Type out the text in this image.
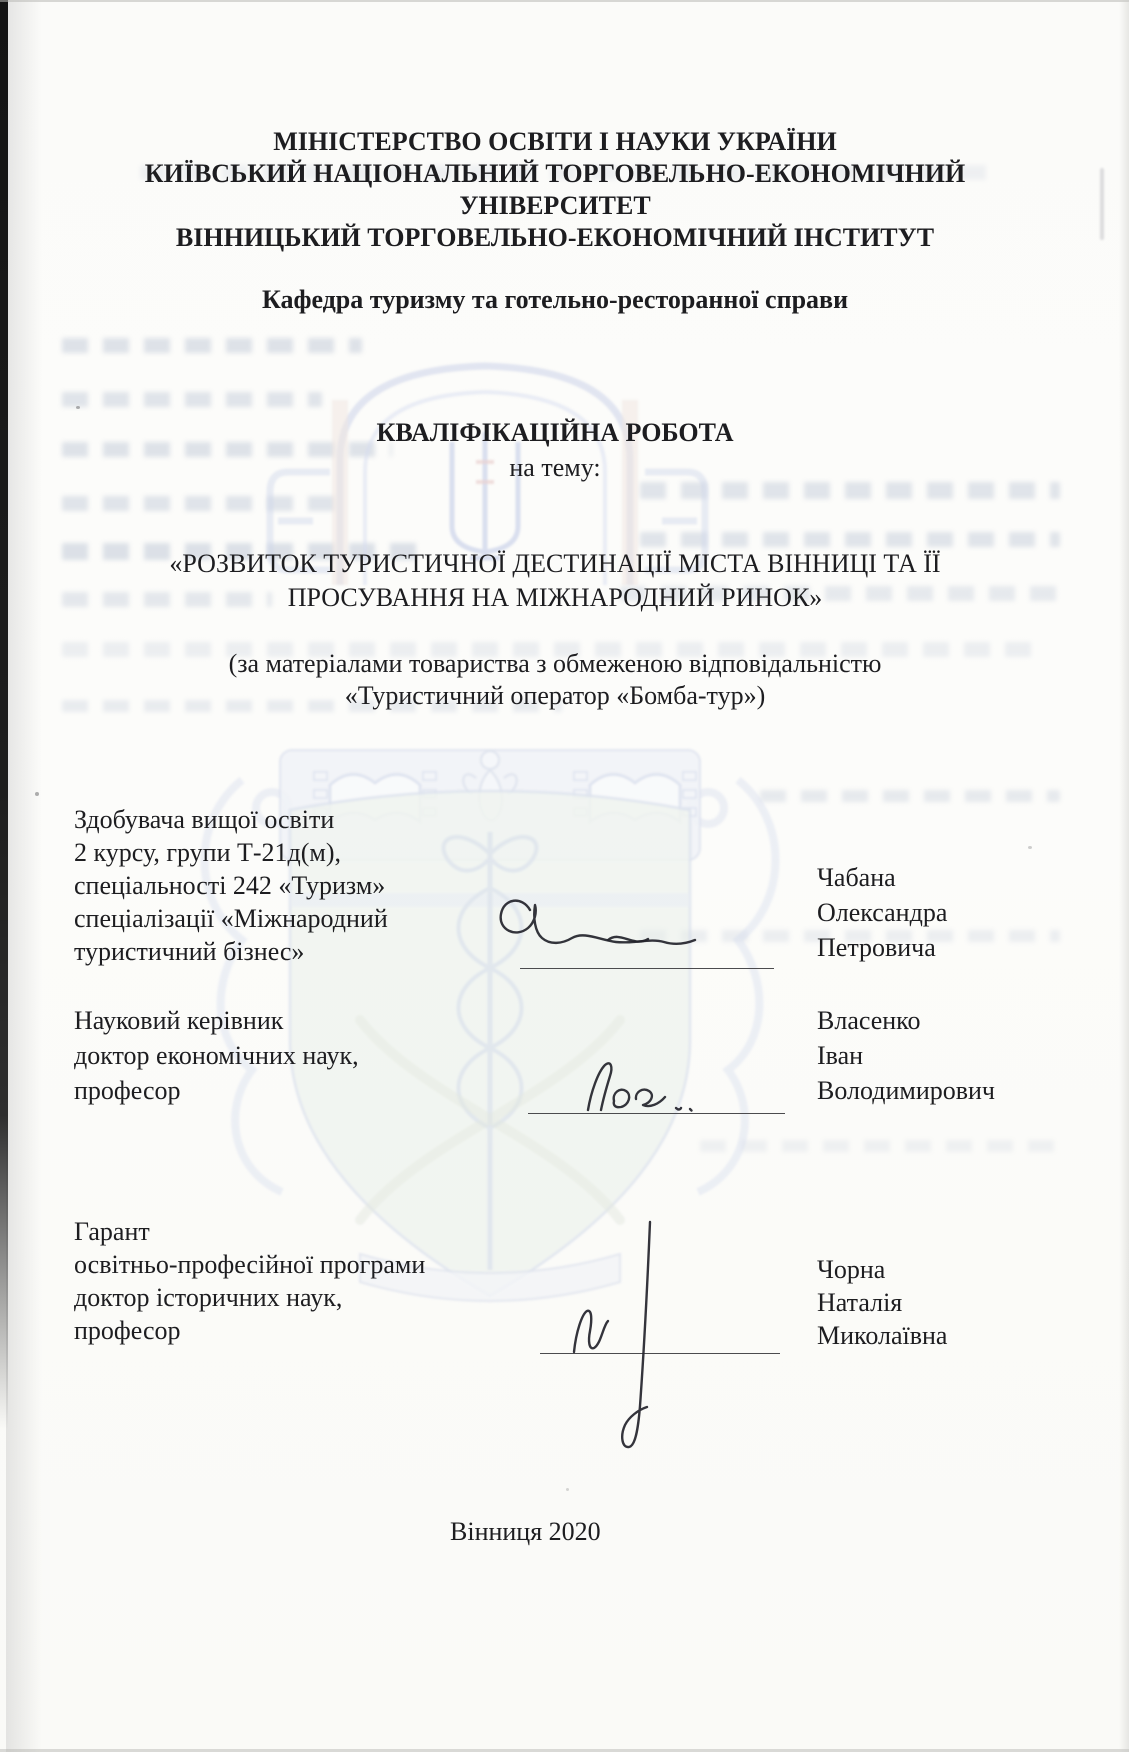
МІНІСТЕРСТВО ОСВІТИ І НАУКИ УКРАЇНИ
КИЇВСЬКИЙ НАЦІОНАЛЬНИЙ ТОРГОВЕЛЬНО-ЕКОНОМІЧНИЙ
УНІВЕРСИТЕТ
ВІННИЦЬКИЙ ТОРГОВЕЛЬНО-ЕКОНОМІЧНИЙ ІНСТИТУТ
Кафедра туризму та готельно-ресторанної справи
КВАЛІФІКАЦІЙНА РОБОТА
на тему:
«РОЗВИТОК ТУРИСТИЧНОЇ ДЕСТИНАЦІЇ МІСТА ВІННИЦІ ТА ЇЇ
ПРОСУВАННЯ НА МІЖНАРОДНИЙ РИНОК»
(за матеріалами товариства з обмеженою відповідальністю
«Туристичний оператор «Бомба-тур»)
Здобувача вищої освіти
2 курсу, групи Т-21д(м),
спеціальності 242 «Туризм»
спеціалізації «Міжнародний
туристичний бізнес»
Чабана
Олександра
Петровича
Науковий керівник
доктор економічних наук,
професор
Власенко
Іван
Володимирович
Гарант
освітньо-професійної програми
доктор історичних наук,
професор
Чорна
Наталія
Миколаївна
Вінниця 2020
